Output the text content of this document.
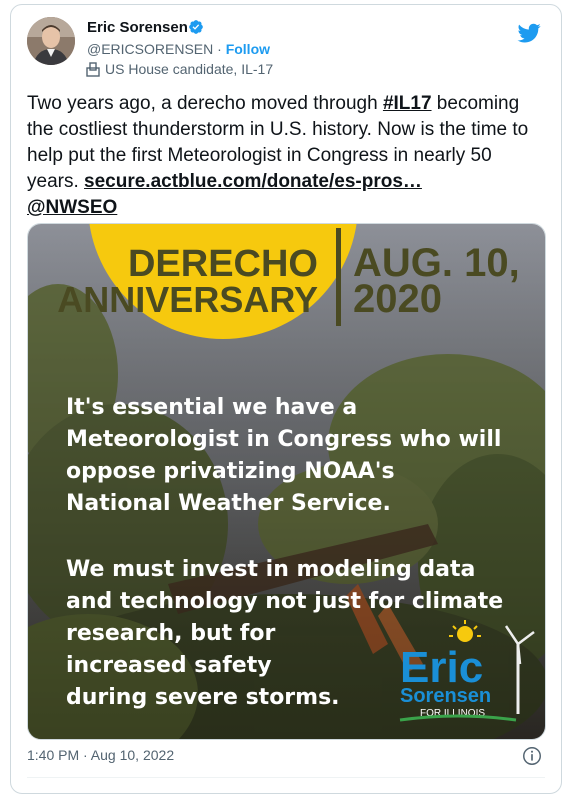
Eric Sorensen
@ERICSORENSEN · Follow
US House candidate, IL-17
Two years ago, a derecho moved through #IL17 becoming the costliest thunderstorm in U.S. history. Now is the time to help put the first Meteorologist in Congress in nearly 50 years. secure.actblue.com/donate/es-pros…
@NWSEO
DERECHO
ANNIVERSARY
AUG. 10,
2020
It's essential we have a
Meteorologist in Congress who will
oppose privatizing NOAA's
National Weather Service.
We must invest in modeling data
and technology not just for climate
research, but for
increased safety
during severe storms.
Eric
Sorensen
FOR ILLINOIS
1:40 PM · Aug 10, 2022
